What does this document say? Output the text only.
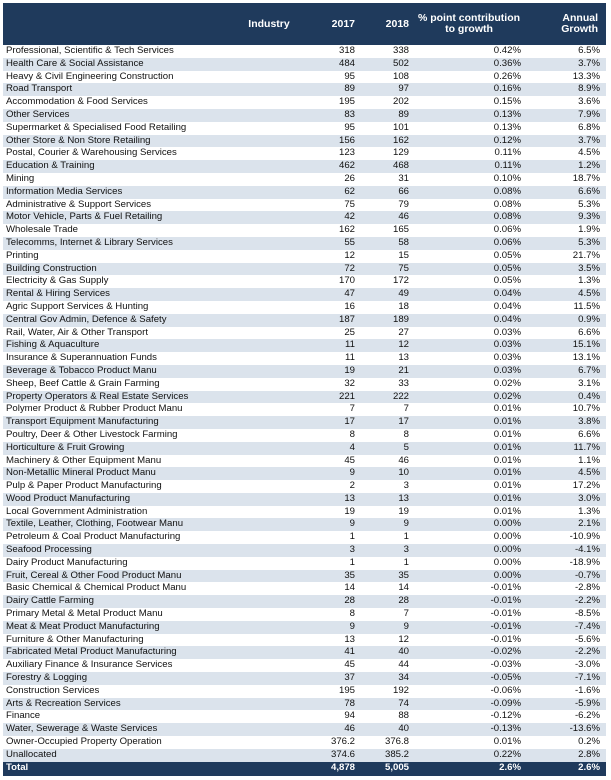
	Industry	2017	2018	% point contribution to growth	Annual Growth
Professional, Scientific & Tech Services		318	338	0.42%	6.5%
Health Care & Social Assistance		484	502	0.36%	3.7%
Heavy & Civil Engineering Construction		95	108	0.26%	13.3%
Road Transport		89	97	0.16%	8.9%
Accommodation & Food Services		195	202	0.15%	3.6%
Other Services		83	89	0.13%	7.9%
Supermarket & Specialised Food Retailing		95	101	0.13%	6.8%
Other Store & Non Store Retailing		156	162	0.12%	3.7%
Postal, Courier & Warehousing Services		123	129	0.11%	4.5%
Education & Training		462	468	0.11%	1.2%
Mining		26	31	0.10%	18.7%
Information Media Services		62	66	0.08%	6.6%
Administrative & Support Services		75	79	0.08%	5.3%
Motor Vehicle, Parts & Fuel Retailing		42	46	0.08%	9.3%
Wholesale Trade		162	165	0.06%	1.9%
Telecomms, Internet & Library Services		55	58	0.06%	5.3%
Printing		12	15	0.05%	21.7%
Building Construction		72	75	0.05%	3.5%
Electricity & Gas Supply		170	172	0.05%	1.3%
Rental & Hiring Services		47	49	0.04%	4.5%
Agric Support Services & Hunting		16	18	0.04%	11.5%
Central Gov Admin, Defence & Safety		187	189	0.04%	0.9%
Rail, Water, Air & Other Transport		25	27	0.03%	6.6%
Fishing & Aquaculture		11	12	0.03%	15.1%
Insurance & Superannuation Funds		11	13	0.03%	13.1%
Beverage & Tobacco Product Manu		19	21	0.03%	6.7%
Sheep, Beef Cattle & Grain Farming		32	33	0.02%	3.1%
Property Operators & Real Estate Services		221	222	0.02%	0.4%
Polymer Product & Rubber Product Manu		7	7	0.01%	10.7%
Transport Equipment Manufacturing		17	17	0.01%	3.8%
Poultry, Deer & Other Livestock Farming		8	8	0.01%	6.6%
Horticulture & Fruit Growing		4	5	0.01%	11.7%
Machinery & Other Equipment Manu		45	46	0.01%	1.1%
Non-Metallic Mineral Product Manu		9	10	0.01%	4.5%
Pulp & Paper Product Manufacturing		2	3	0.01%	17.2%
Wood Product Manufacturing		13	13	0.01%	3.0%
Local Government Administration		19	19	0.01%	1.3%
Textile, Leather, Clothing, Footwear Manu		9	9	0.00%	2.1%
Petroleum & Coal Product Manufacturing		1	1	0.00%	-10.9%
Seafood Processing		3	3	0.00%	-4.1%
Dairy Product Manufacturing		1	1	0.00%	-18.9%
Fruit, Cereal & Other Food Product Manu		35	35	0.00%	-0.7%
Basic Chemical & Chemical Product Manu		14	14	-0.01%	-2.8%
Dairy Cattle Farming		28	28	-0.01%	-2.2%
Primary Metal & Metal Product Manu		8	7	-0.01%	-8.5%
Meat & Meat Product Manufacturing		9	9	-0.01%	-7.4%
Furniture & Other Manufacturing		13	12	-0.01%	-5.6%
Fabricated Metal Product Manufacturing		41	40	-0.02%	-2.2%
Auxiliary Finance & Insurance Services		45	44	-0.03%	-3.0%
Forestry & Logging		37	34	-0.05%	-7.1%
Construction Services		195	192	-0.06%	-1.6%
Arts & Recreation Services		78	74	-0.09%	-5.9%
Finance		94	88	-0.12%	-6.2%
Water, Sewerage & Waste Services		46	40	-0.13%	-13.6%
Owner-Occupied Property Operation		376.2	376.8	0.01%	0.2%
Unallocated		374.6	385.2	0.22%	2.8%
Total		4,878	5,005	2.6%	2.6%
